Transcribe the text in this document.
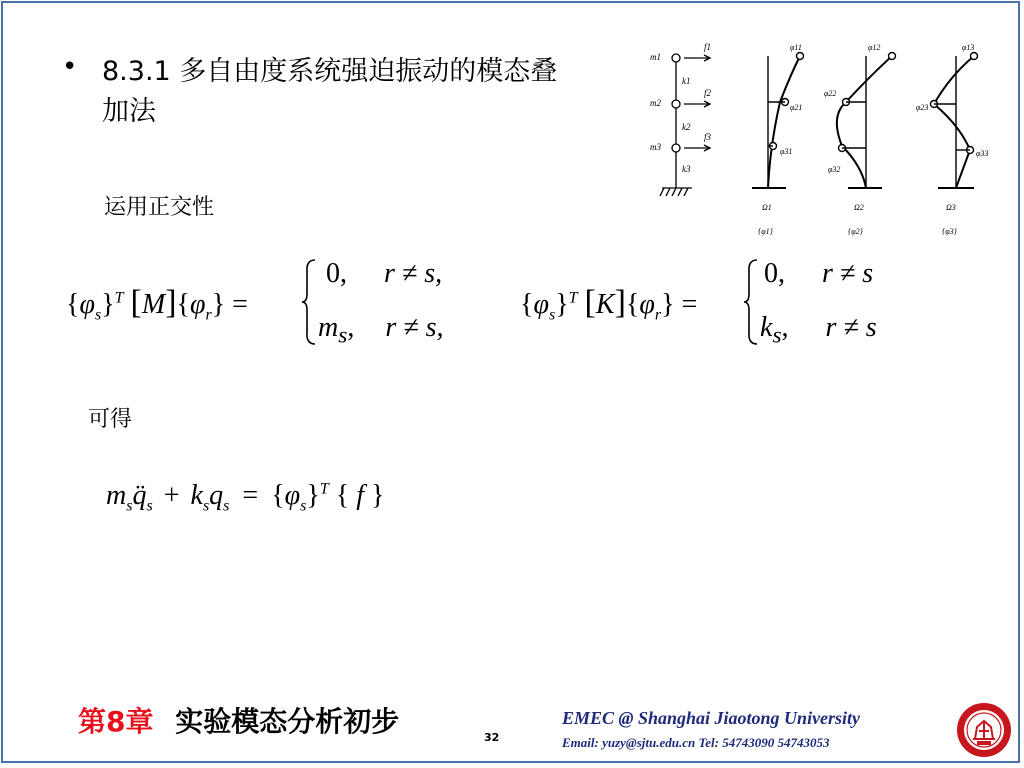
• 8.3.1 多自由度系统强迫振动的模态叠加法
m1
m2
m3
k1
k2
k3
f1
f2
f3
φ11
φ21
φ31
Ω1
{φ1}
φ12
φ22
φ32
Ω2
{φ2}
φ13
φ23
φ33
Ω3
{φ3}
运用正交性
$\{\varphi_s\}^T$ $[M]\{\varphi_r\}$ =
0, r ≠ s,
$m_s$, r ≠ s,
$\{\varphi_s\}^T$ $[K]\{\varphi_r\}$ =
0, r ≠ s
$k_s$, r ≠ s
可得
$m_sq̈_s + k_sq_s = \{\varphi_s\}^T$ { f }
第8章 实验模态分析初步	32
EMEC @ Shanghai Jiaotong University
Email: yuzy@sjtu.edu.cn Tel: 54743090 54743053
